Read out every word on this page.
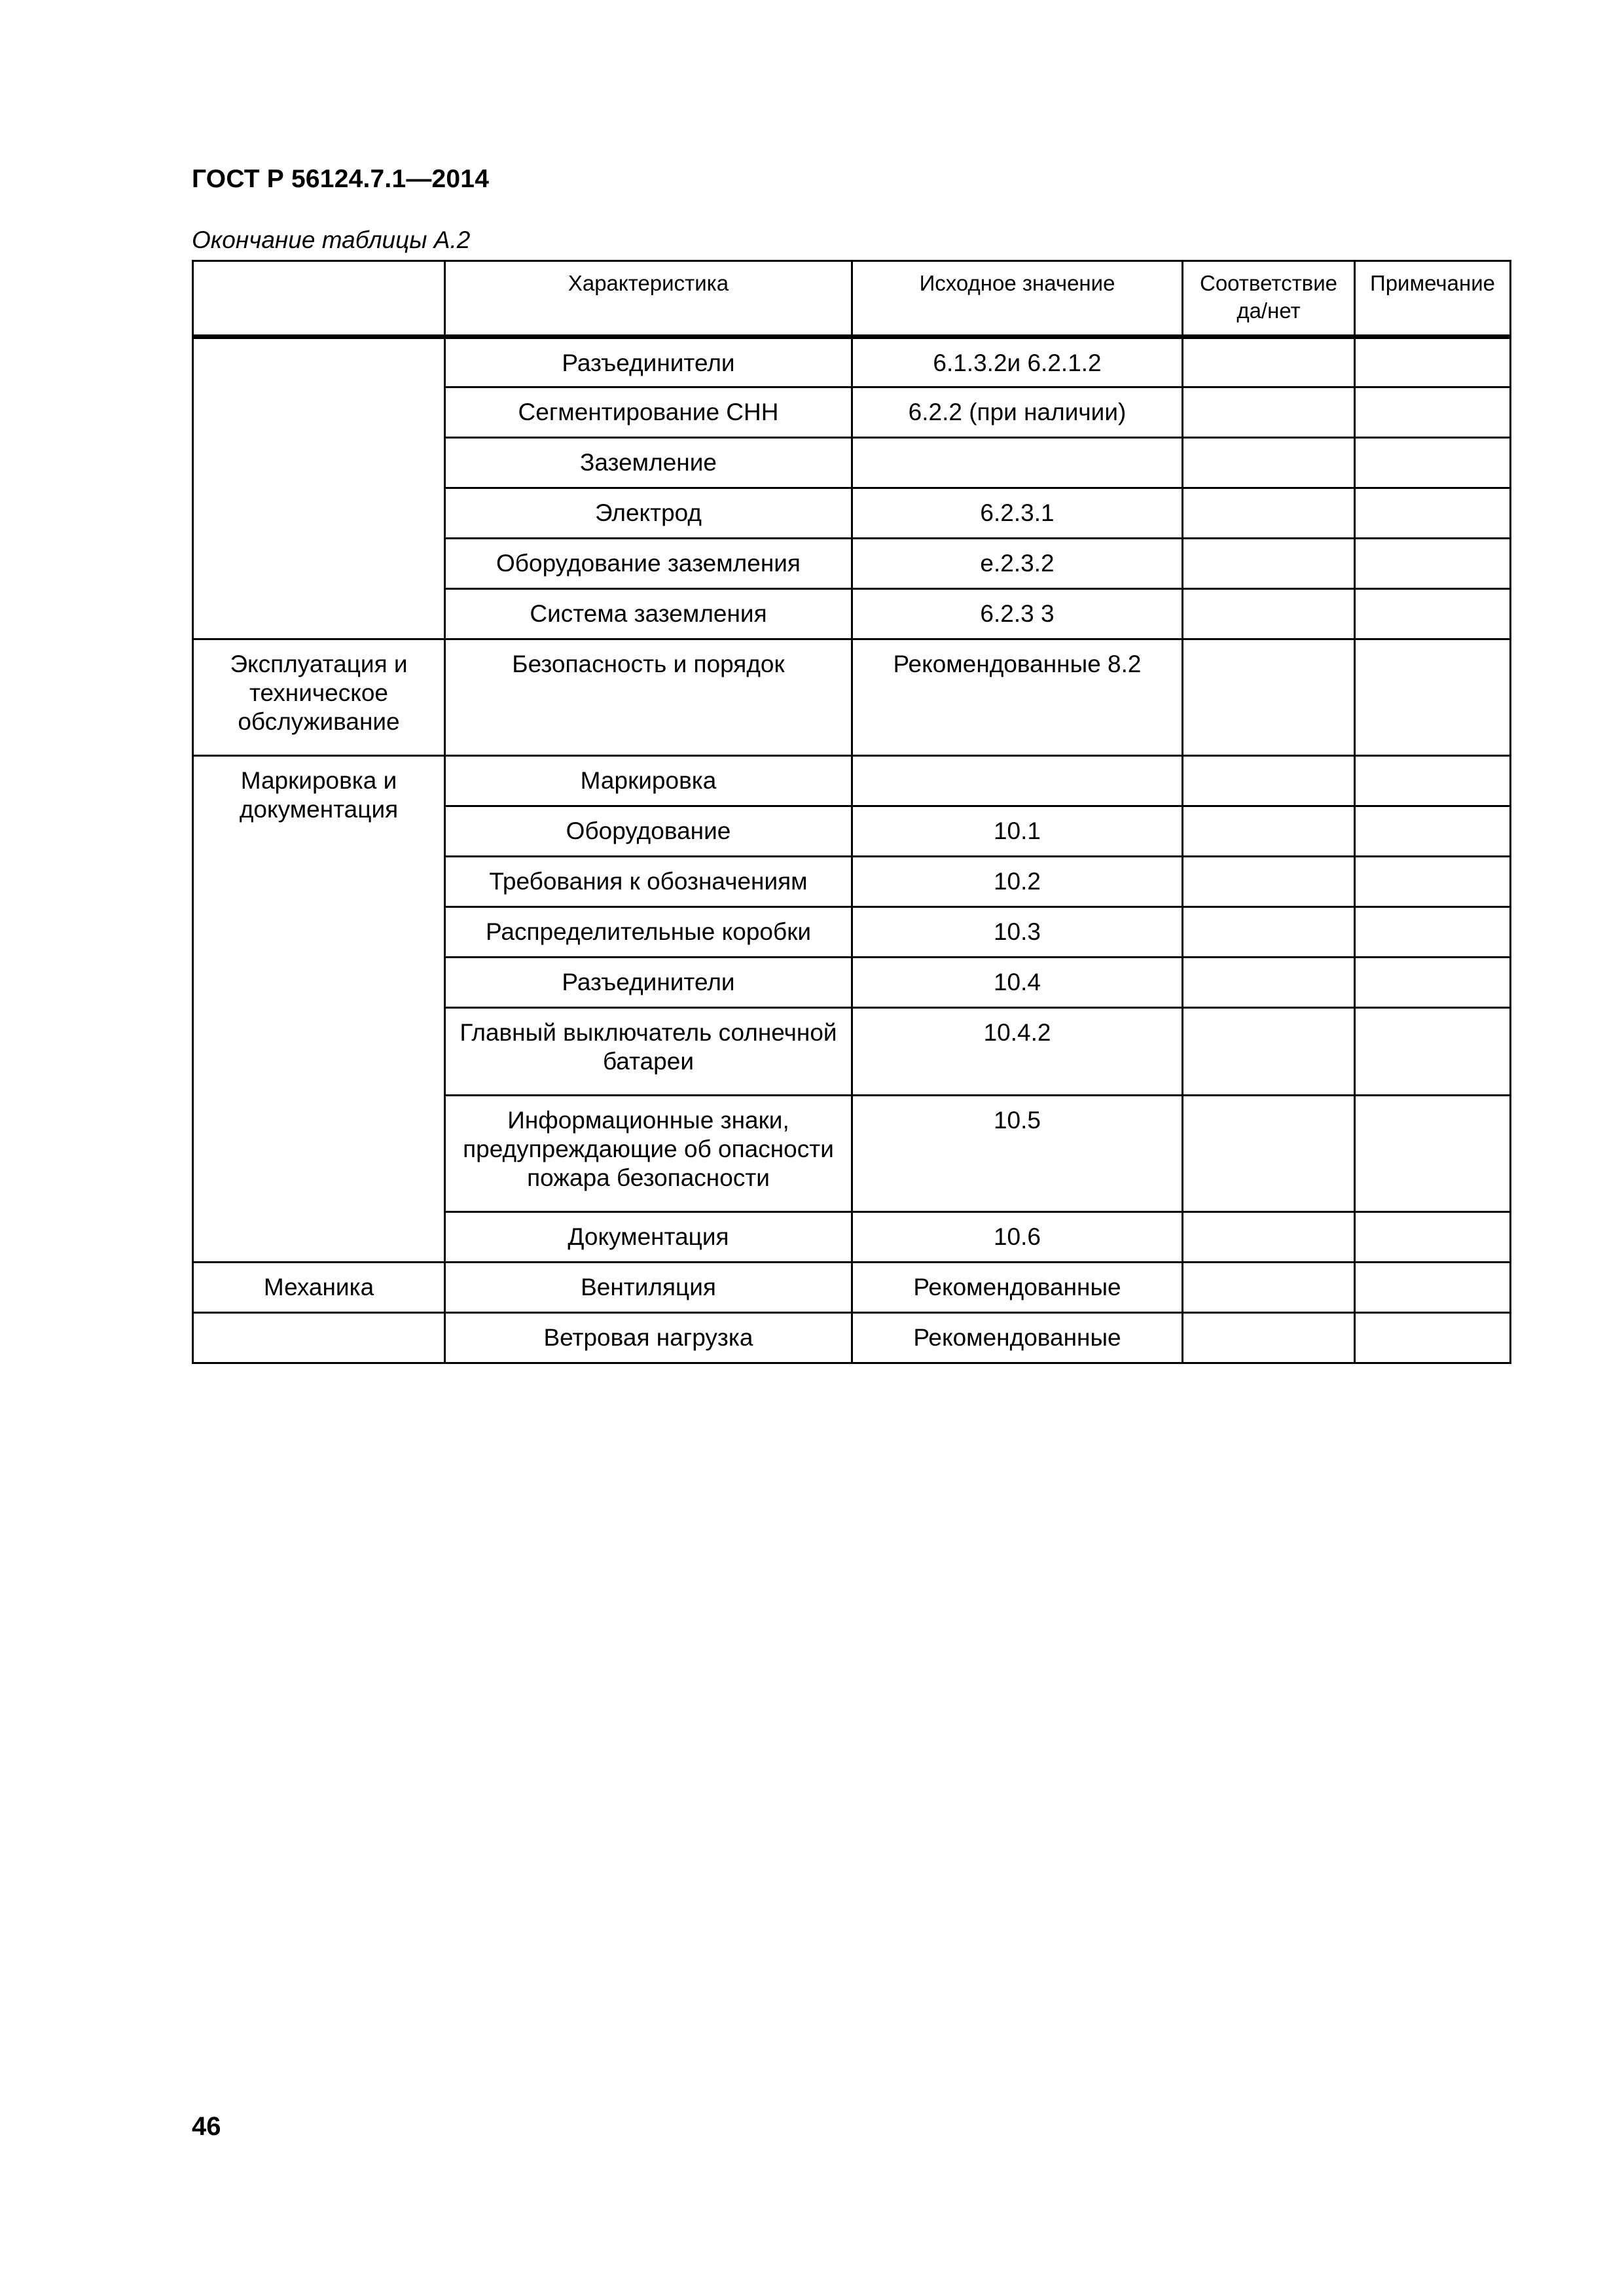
ГОСТ Р 56124.7.1—2014
Окончание таблицы А.2
	Характеристика	Исходное значение	Соответствие да/нет	Примечание
	Разъединители	6.1.3.2и 6.2.1.2		
	Сегментирование СНН	6.2.2 (при наличии)		
	Заземление			
	Электрод	6.2.3.1		
	Оборудование заземления	е.2.3.2		
	Система заземления	6.2.3 3		
Эксплуатация и техническое обслуживание	Безопасность и порядок	Рекомендованные 8.2		
Маркировка и документация	Маркировка			
	Оборудование	10.1		
	Требования к обозначениям	10.2		
	Распределительные коробки	10.3		
	Разъединители	10.4		
	Главный выключатель солнечной батареи	10.4.2		
	Информационные знаки, предупреждающие об опасности пожара безопасности	10.5		
	Документация	10.6		
Механика	Вентиляция	Рекомендованные		
	Ветровая нагрузка	Рекомендованные		
46
